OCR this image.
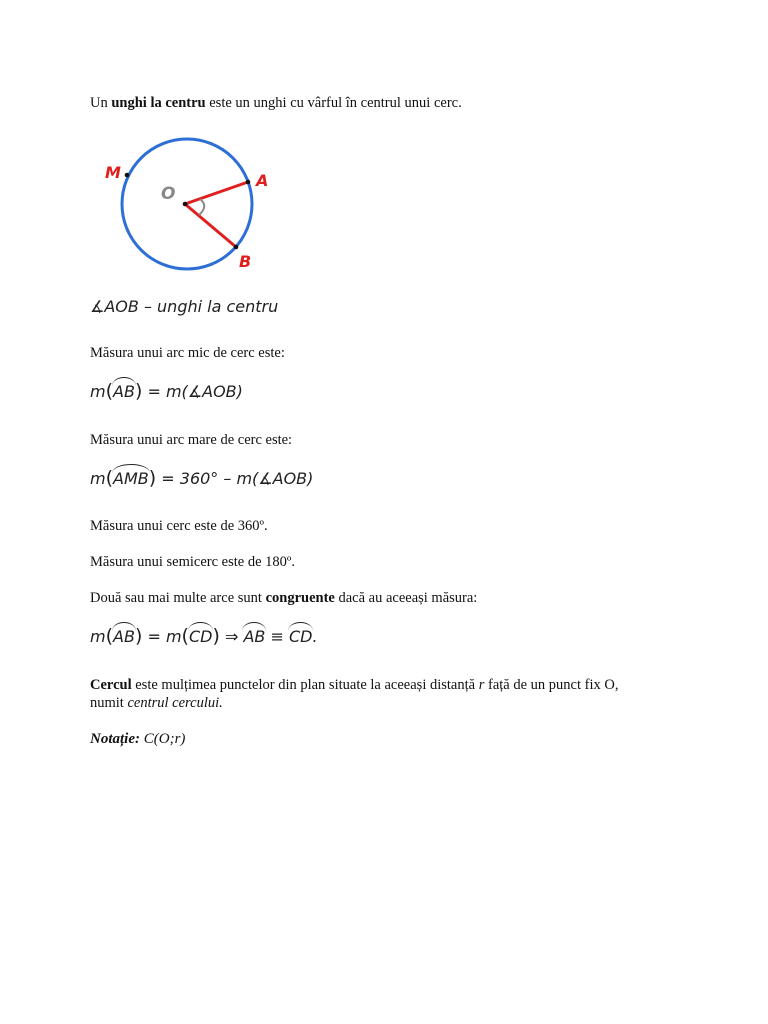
Un unghi la centru este un unghi cu vârful în centrul unui cerc.
M
O
A
B
∡AOB – unghi la centru
Măsura unui arc mic de cerc este:
m(AB) = m(∡AOB)
Măsura unui arc mare de cerc este:
m(AMB) = 360° – m(∡AOB)
Măsura unui cerc este de 360º.
Măsura unui semicerc este de 180º.
Două sau mai multe arce sunt congruente dacă au aceeași măsura:
m(AB) = m(CD) ⇒ AB ≡ CD.
Cercul este mulțimea punctelor din plan situate la aceeași distanță r față de un punct fix O,
numit centrul cercului.
Notație: C(O;r)
